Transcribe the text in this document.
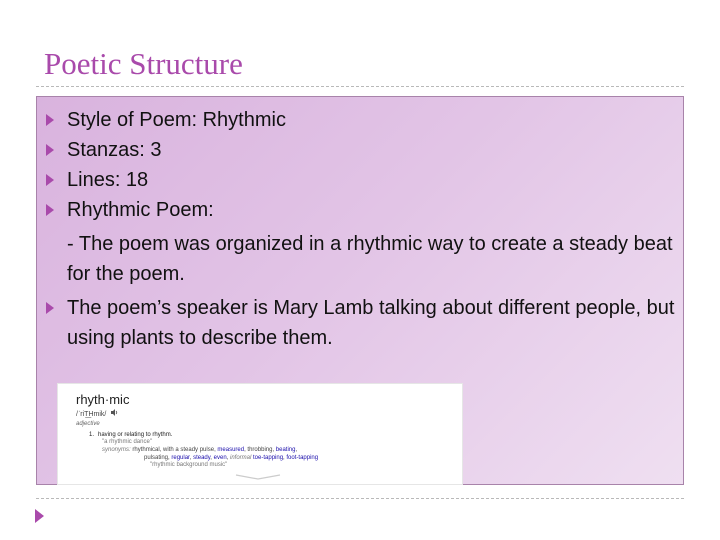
Poetic Structure
Style of Poem: Rhythmic
Stanzas: 3
Lines: 18
Rhythmic Poem:
- The poem was organized in a rhythmic way to create a steady beat for the poem.
The poem’s speaker is Mary Lamb talking about different people, but using plants to describe them.
rhyth·mic
/ˈriT͟Hmik/
adjective
1. having or relating to rhythm.
"a rhythmic dance"
synonyms: rhythmical, with a steady pulse, measured, throbbing, beating,
pulsating, regular, steady, even, informal toe-tapping, foot-tapping
"rhythmic background music"
